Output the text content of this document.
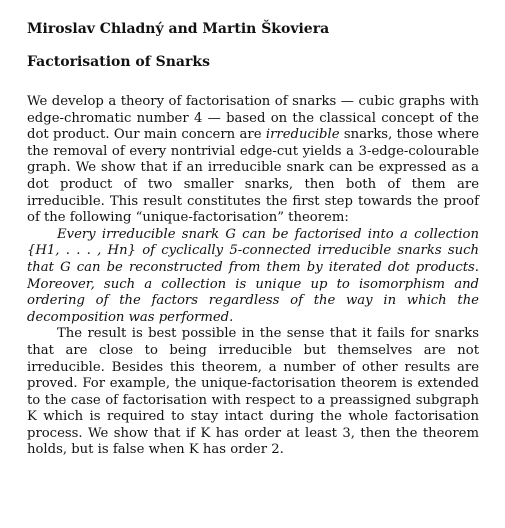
Miroslav Chladný and Martin Škoviera
Factorisation of Snarks

We develop a theory of factorisation of snarks — cubic graphs with edge-chromatic number 4 — based on the classical concept of the dot product. Our main concern are irreducible snarks, those where the removal of every nontrivial edge-cut yields a 3-edge-colourable graph. We show that if an irreducible snark can be expressed as a dot product of two smaller snarks, then both of them are irreducible. This result constitutes the first step towards the proof of the following “unique-factorisation” theorem:

Every irreducible snark G can be factorised into a collection {H1, . . . , Hn} of cyclically 5-connected irreducible snarks such that G can be reconstructed from them by iterated dot products. Moreover, such a collection is unique up to isomorphism and ordering of the factors regardless of the way in which the decomposition was performed.

The result is best possible in the sense that it fails for snarks that are close to being irreducible but themselves are not irreducible. Besides this theorem, a number of other results are proved. For example, the unique-factorisation theorem is extended to the case of factorisation with respect to a preassigned subgraph K which is required to stay intact during the whole factorisation process. We show that if K has order at least 3, then the theorem holds, but is false when K has order 2.
